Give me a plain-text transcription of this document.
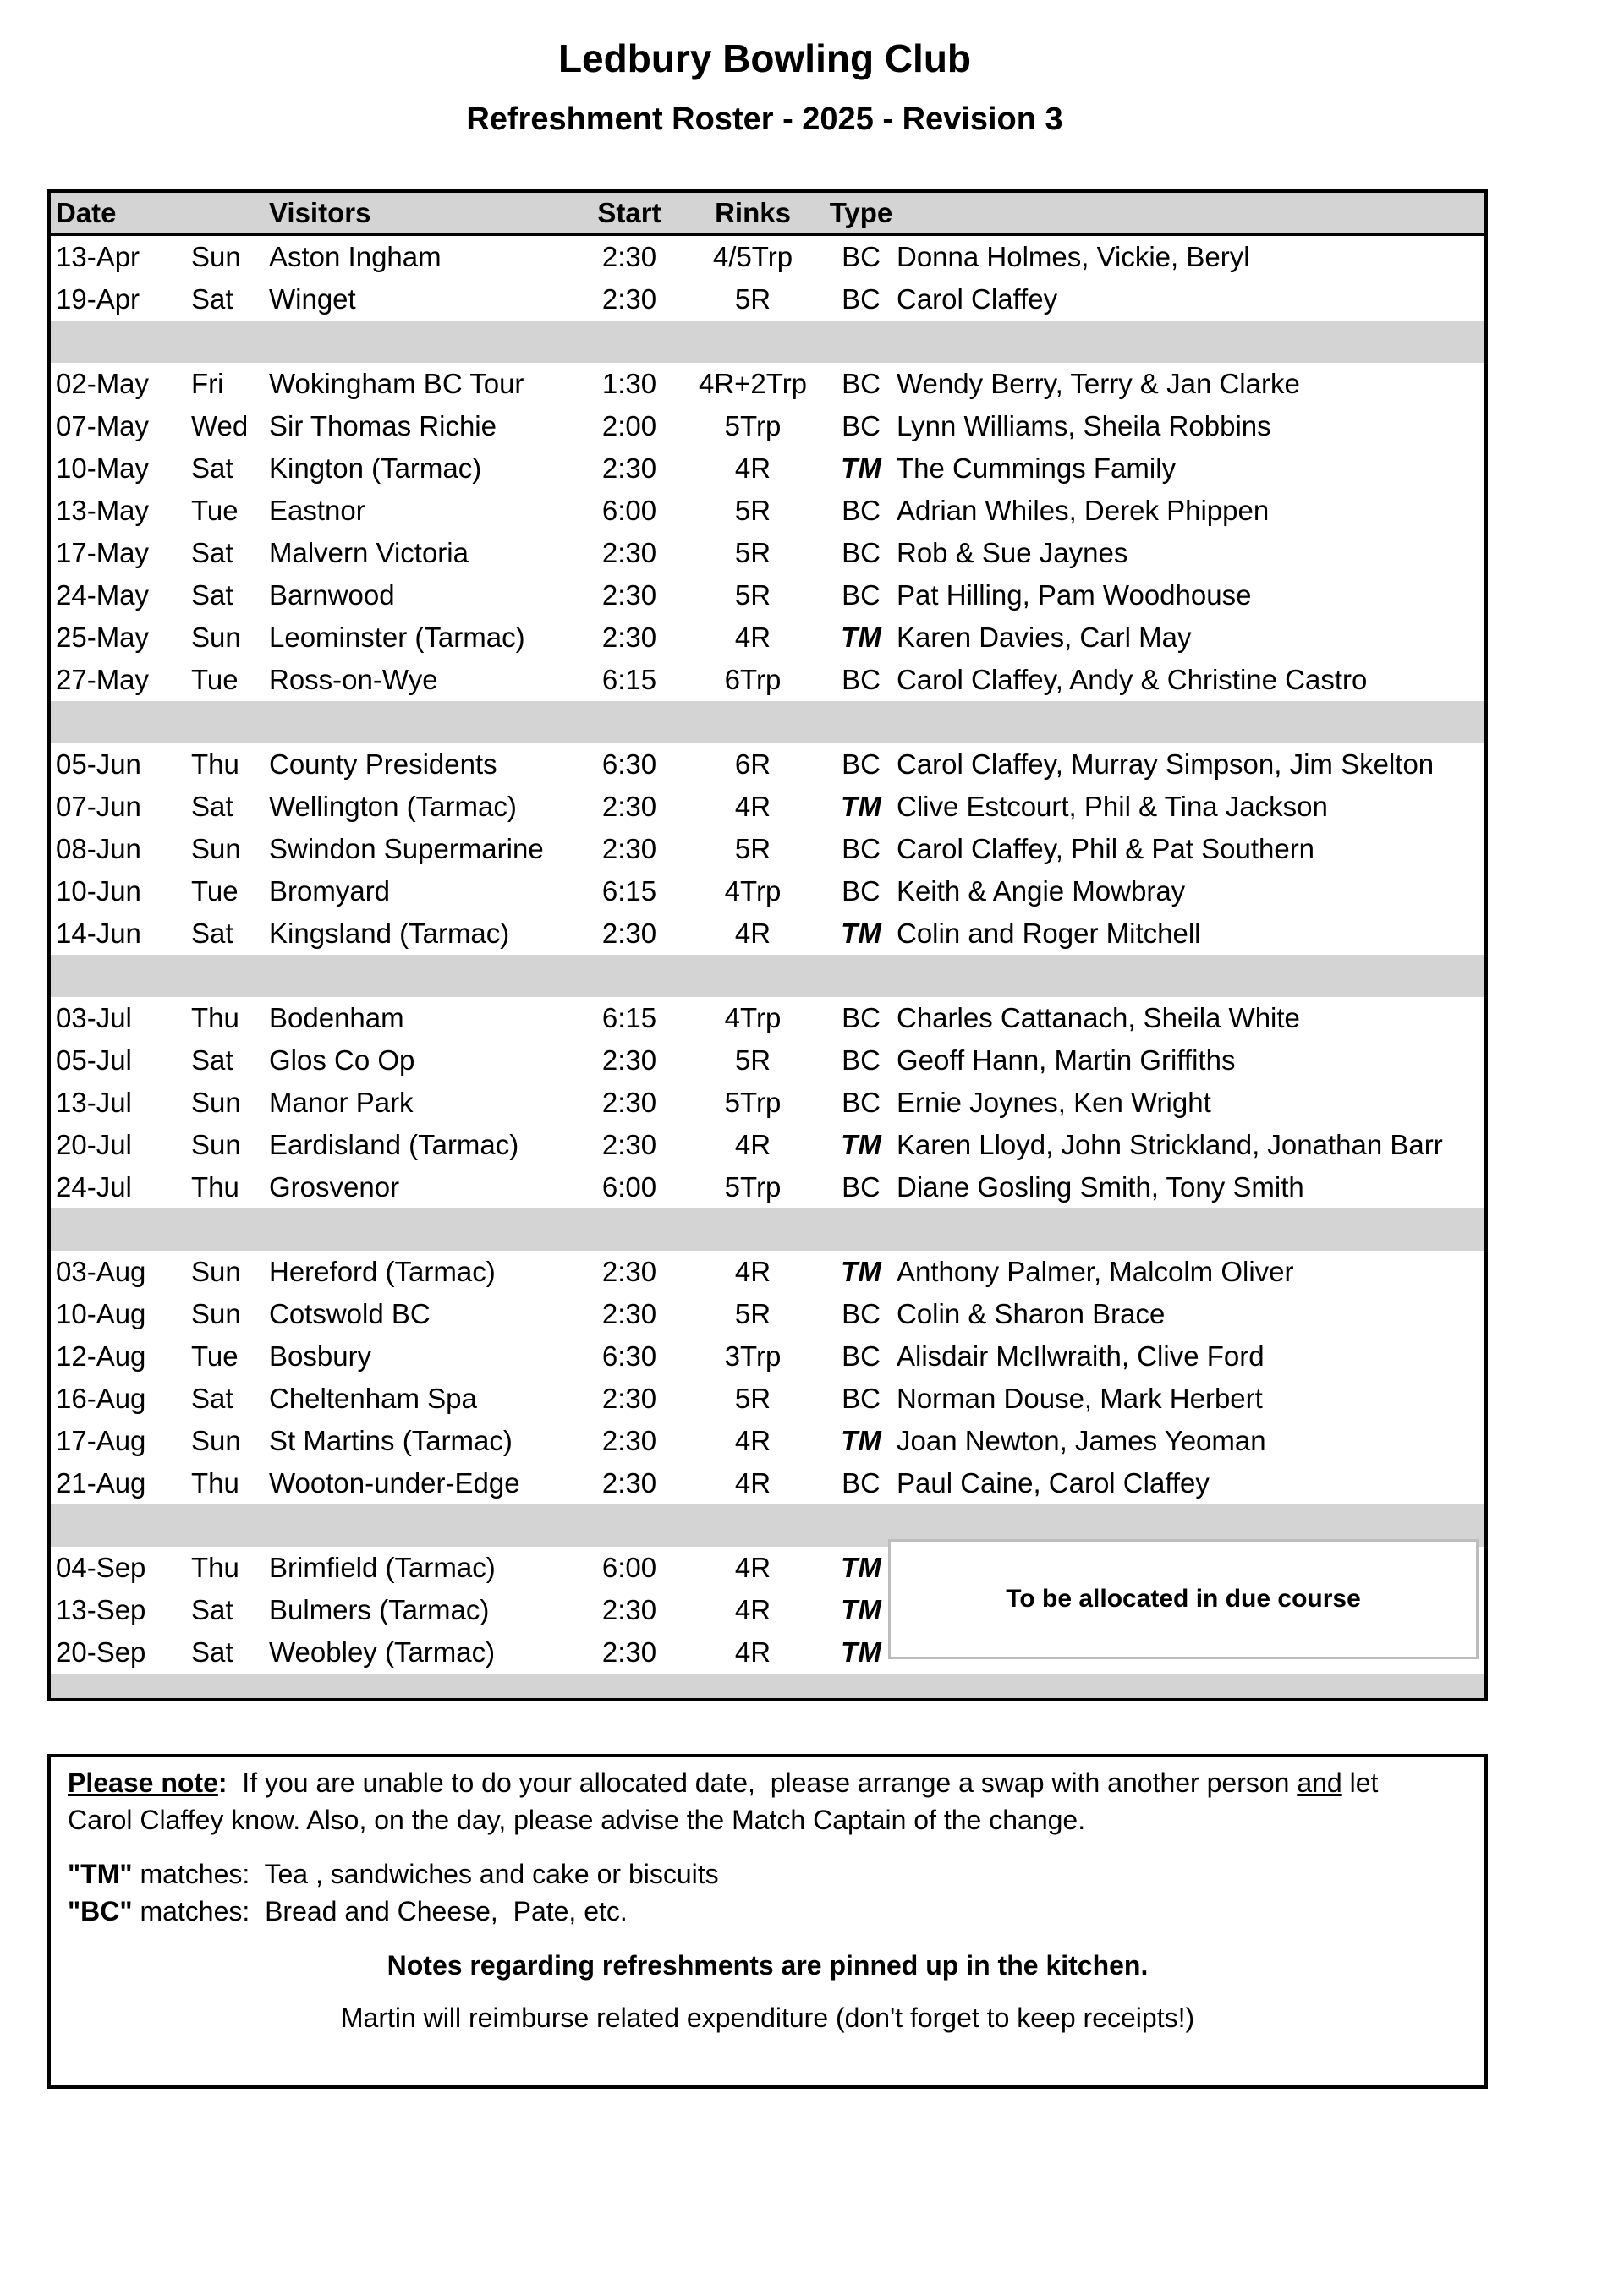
Ledbury Bowling Club
Refreshment Roster - 2025 - Revision 3
Date	Visitors	Start	Rinks	Type
13-Apr Sun Aston Ingham	2:30	4/5Trp	BC Donna Holmes, Vickie, Beryl
19-Apr Sat Winget	2:30	5R	BC Carol Claffey
02-May Fri Wokingham BC Tour	1:30	4R+2Trp	BC Wendy Berry, Terry & Jan Clarke
07-May Wed Sir Thomas Richie	2:00	5Trp	BC Lynn Williams, Sheila Robbins
10-May Sat Kington (Tarmac)	2:30	4R	TM The Cummings Family
13-May Tue Eastnor	6:00	5R	BC Adrian Whiles, Derek Phippen
17-May Sat Malvern Victoria	2:30	5R	BC Rob & Sue Jaynes
24-May Sat Barnwood	2:30	5R	BC Pat Hilling, Pam Woodhouse
25-May Sun Leominster (Tarmac)	2:30	4R	TM Karen Davies, Carl May
27-May Tue Ross-on-Wye	6:15	6Trp	BC Carol Claffey, Andy & Christine Castro
05-Jun Thu County Presidents	6:30	6R	BC Carol Claffey, Murray Simpson, Jim Skelton
07-Jun Sat Wellington (Tarmac)	2:30	4R	TM Clive Estcourt, Phil & Tina Jackson
08-Jun Sun Swindon Supermarine	2:30	5R	BC Carol Claffey, Phil & Pat Southern
10-Jun Tue Bromyard	6:15	4Trp	BC Keith & Angie Mowbray
14-Jun Sat Kingsland (Tarmac)	2:30	4R	TM Colin and Roger Mitchell
03-Jul Thu Bodenham	6:15	4Trp	BC Charles Cattanach, Sheila White
05-Jul Sat Glos Co Op	2:30	5R	BC Geoff Hann, Martin Griffiths
13-Jul Sun Manor Park	2:30	5Trp	BC Ernie Joynes, Ken Wright
20-Jul Sun Eardisland (Tarmac)	2:30	4R	TM Karen Lloyd, John Strickland, Jonathan Barr
24-Jul Thu Grosvenor	6:00	5Trp	BC Diane Gosling Smith, Tony Smith
03-Aug Sun Hereford (Tarmac)	2:30	4R	TM Anthony Palmer, Malcolm Oliver
10-Aug Sun Cotswold BC	2:30	5R	BC Colin & Sharon Brace
12-Aug Tue Bosbury	6:30	3Trp	BC Alisdair McIlwraith, Clive Ford
16-Aug Sat Cheltenham Spa	2:30	5R	BC Norman Douse, Mark Herbert
17-Aug Sun St Martins (Tarmac)	2:30	4R	TM Joan Newton, James Yeoman
21-Aug Thu Wooton-under-Edge	2:30	4R	BC Paul Caine, Carol Claffey
04-Sep Thu Brimfield (Tarmac)	6:00	4R	TM
13-Sep Sat Bulmers (Tarmac)	2:30	4R	TM
20-Sep Sat Weobley (Tarmac)	2:30	4R	TM
To be allocated in due course

Please note:  If you are unable to do your allocated date,  please arrange a swap with another person and let

Carol Claffey know. Also, on the day, please advise the Match Captain of the change.

"TM" matches:  Tea , sandwiches and cake or biscuits

"BC" matches:  Bread and Cheese,  Pate, etc.

Notes regarding refreshments are pinned up in the kitchen.

Martin will reimburse related expenditure (don't forget to keep receipts!)
